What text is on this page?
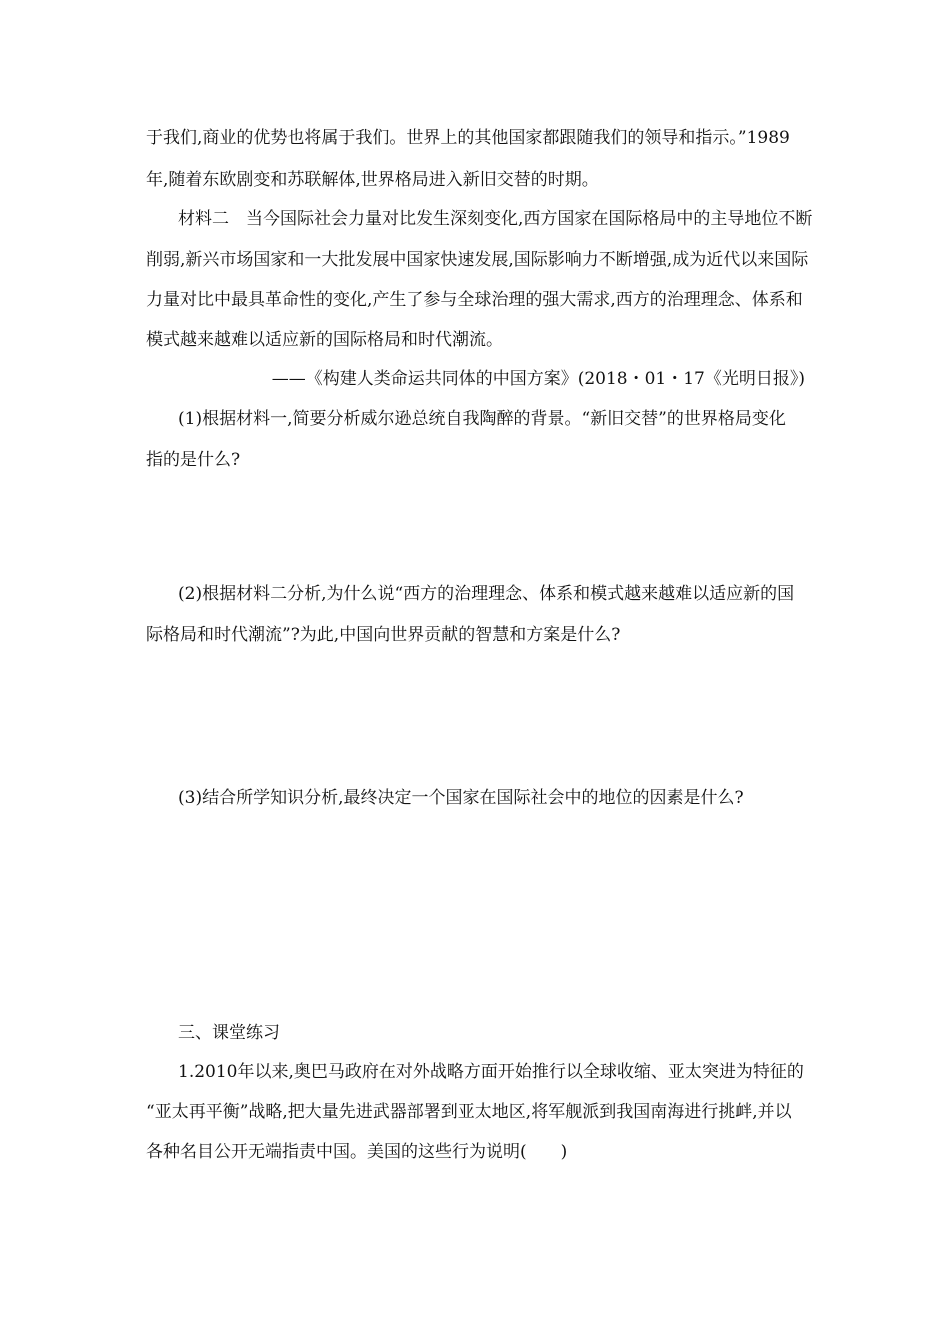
于我们,商业的优势也将属于我们。世界上的其他国家都跟随我们的领导和指示。”1989
年,随着东欧剧变和苏联解体,世界格局进入新旧交替的时期。
材料二　当今国际社会力量对比发生深刻变化,西方国家在国际格局中的主导地位不断
削弱,新兴市场国家和一大批发展中国家快速发展,国际影响力不断增强,成为近代以来国际
力量对比中最具革命性的变化,产生了参与全球治理的强大需求,西方的治理理念、体系和
模式越来越难以适应新的国际格局和时代潮流。
——《构建人类命运共同体的中国方案》(2018・01・17《光明日报》)
(1)根据材料一,简要分析威尔逊总统自我陶醉的背景。“新旧交替”的世界格局变化
指的是什么?
(2)根据材料二分析,为什么说“西方的治理理念、体系和模式越来越难以适应新的国
际格局和时代潮流”?为此,中国向世界贡献的智慧和方案是什么?
(3)结合所学知识分析,最终决定一个国家在国际社会中的地位的因素是什么?
三、课堂练习
1.2010年以来,奥巴马政府在对外战略方面开始推行以全球收缩、亚太突进为特征的
“亚太再平衡”战略,把大量先进武器部署到亚太地区,将军舰派到我国南海进行挑衅,并以
各种名目公开无端指责中国。美国的这些行为说明(　　)
